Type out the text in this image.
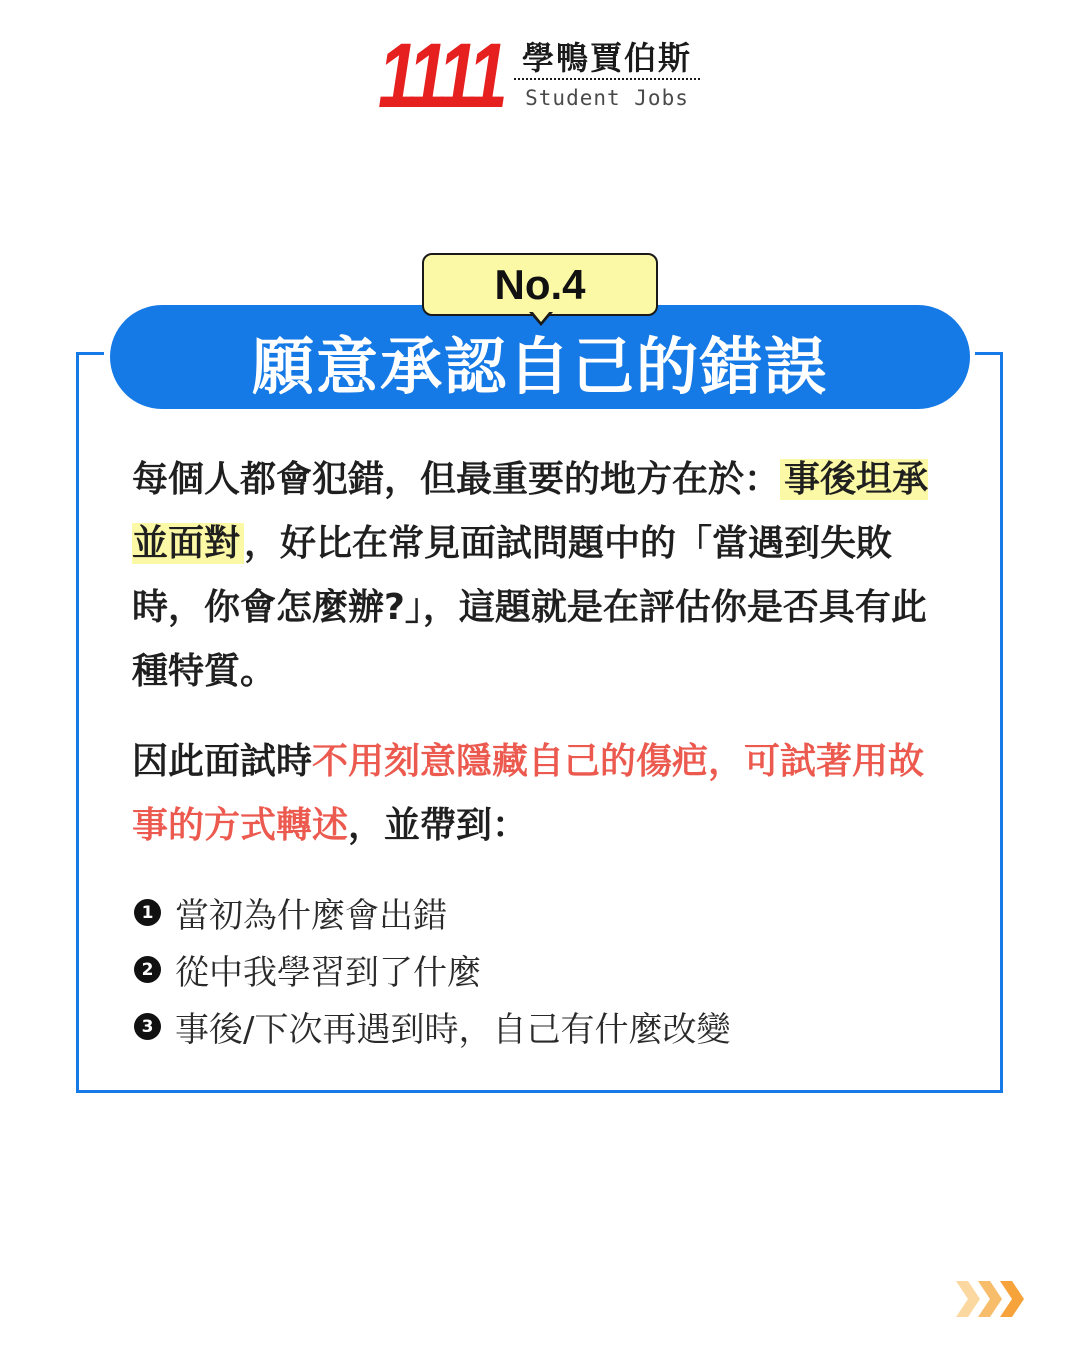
1111 學鴨賈伯斯
Student Jobs
願意承認自己的錯誤
No.4

每個人都會犯錯，但最重要的地方在於： 事後坦承並面對 ，好比在常見面試問題中的「當遇到失敗時，你會怎麼辦?」，這題就是在評估你是否具有此種特質。

因此面試時不用刻意隱藏自己的傷疤，可試著用故事的方式轉述，並帶到：

1 當初為什麼會出錯
2 從中我學習到了什麼
3 事後/下次再遇到時，自己有什麼改變
